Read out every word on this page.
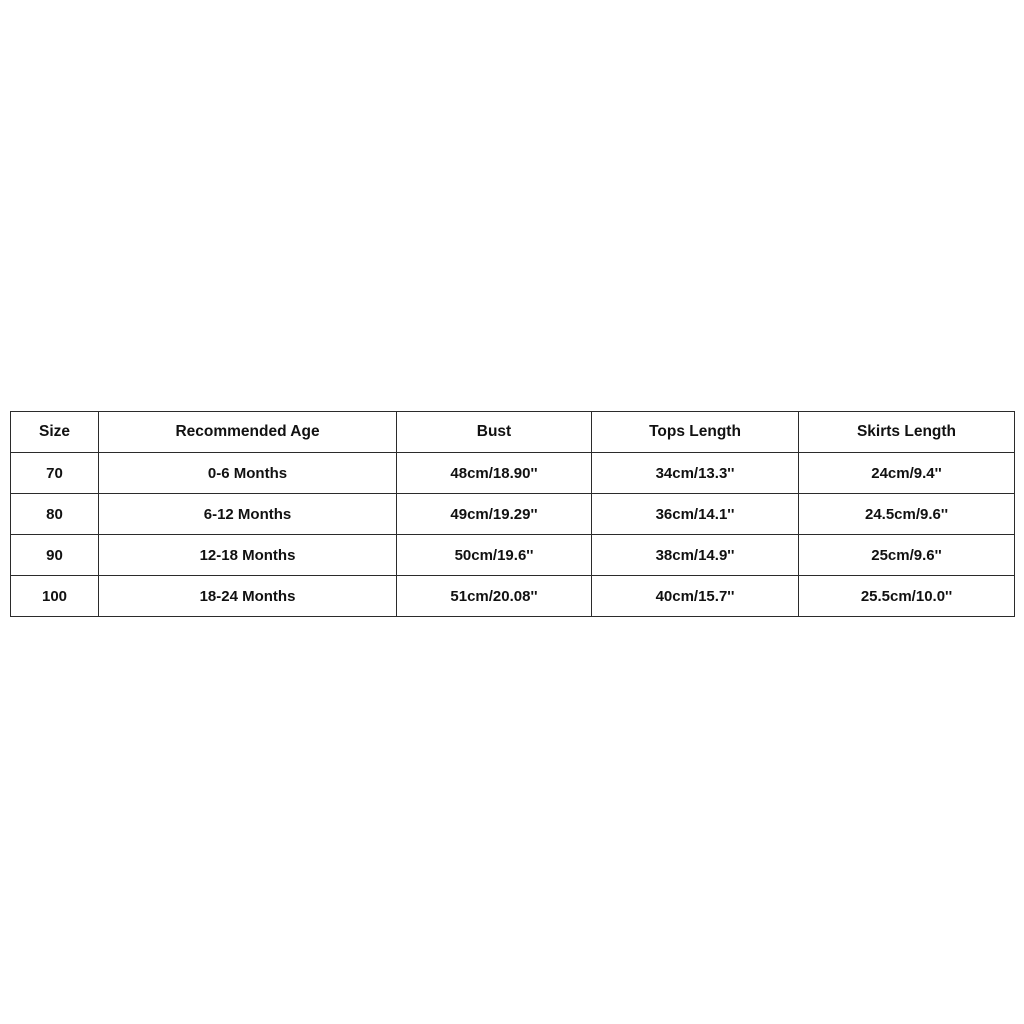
Size	Recommended Age	Bust	Tops Length	Skirts Length
70	0-6 Months	48cm/18.90''	34cm/13.3''	24cm/9.4''
80	6-12 Months	49cm/19.29''	36cm/14.1''	24.5cm/9.6''
90	12-18 Months	50cm/19.6''	38cm/14.9''	25cm/9.6''
100	18-24 Months	51cm/20.08''	40cm/15.7''	25.5cm/10.0''
